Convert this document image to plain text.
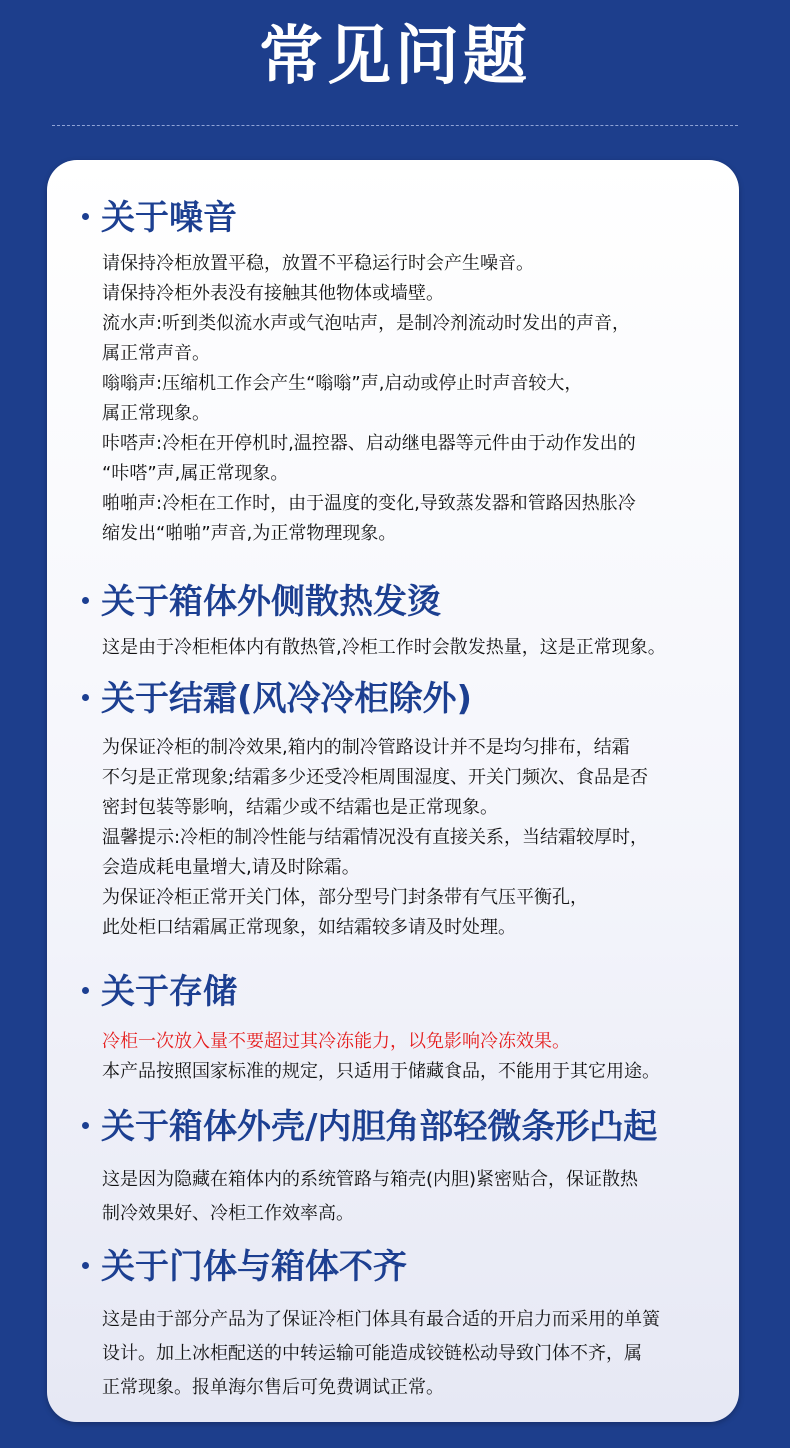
常见问题
关于噪音
请保持冷柜放置平稳，放置不平稳运行时会产生噪音。
请保持冷柜外表没有接触其他物体或墙壁。
流水声:听到类似流水声或气泡咕声，是制冷剂流动时发出的声音，
属正常声音。
嗡嗡声:压缩机工作会产生“嗡嗡”声,启动或停止时声音较大，
属正常现象。
咔嗒声:冷柜在开停机时,温控器、启动继电器等元件由于动作发出的
“咔嗒”声,属正常现象。
啪啪声:冷柜在工作时，由于温度的变化,导致蒸发器和管路因热胀冷
缩发出“啪啪”声音,为正常物理现象。
关于箱体外侧散热发烫
这是由于冷柜柜体内有散热管,冷柜工作时会散发热量，这是正常现象。
关于结霜(风冷冷柜除外)
为保证冷柜的制冷效果,箱内的制冷管路设计并不是均匀排布，结霜
不匀是正常现象;结霜多少还受冷柜周围湿度、开关门频次、食品是否
密封包装等影响，结霜少或不结霜也是正常现象。
温馨提示:冷柜的制冷性能与结霜情况没有直接关系，当结霜较厚时，
会造成耗电量增大,请及时除霜。
为保证冷柜正常开关门体，部分型号门封条带有气压平衡孔，
此处柜口结霜属正常现象，如结霜较多请及时处理。
关于存储
冷柜一次放入量不要超过其冷冻能力，以免影响冷冻效果。
本产品按照国家标准的规定，只适用于储藏食品，不能用于其它用途。
关于箱体外壳/内胆角部轻微条形凸起
这是因为隐藏在箱体内的系统管路与箱壳(内胆)紧密贴合，保证散热
制冷效果好、冷柜工作效率高。
关于门体与箱体不齐
这是由于部分产品为了保证冷柜门体具有最合适的开启力而采用的单簧
设计。加上冰柜配送的中转运输可能造成铰链松动导致门体不齐，属
正常现象。报单海尔售后可免费调试正常。
